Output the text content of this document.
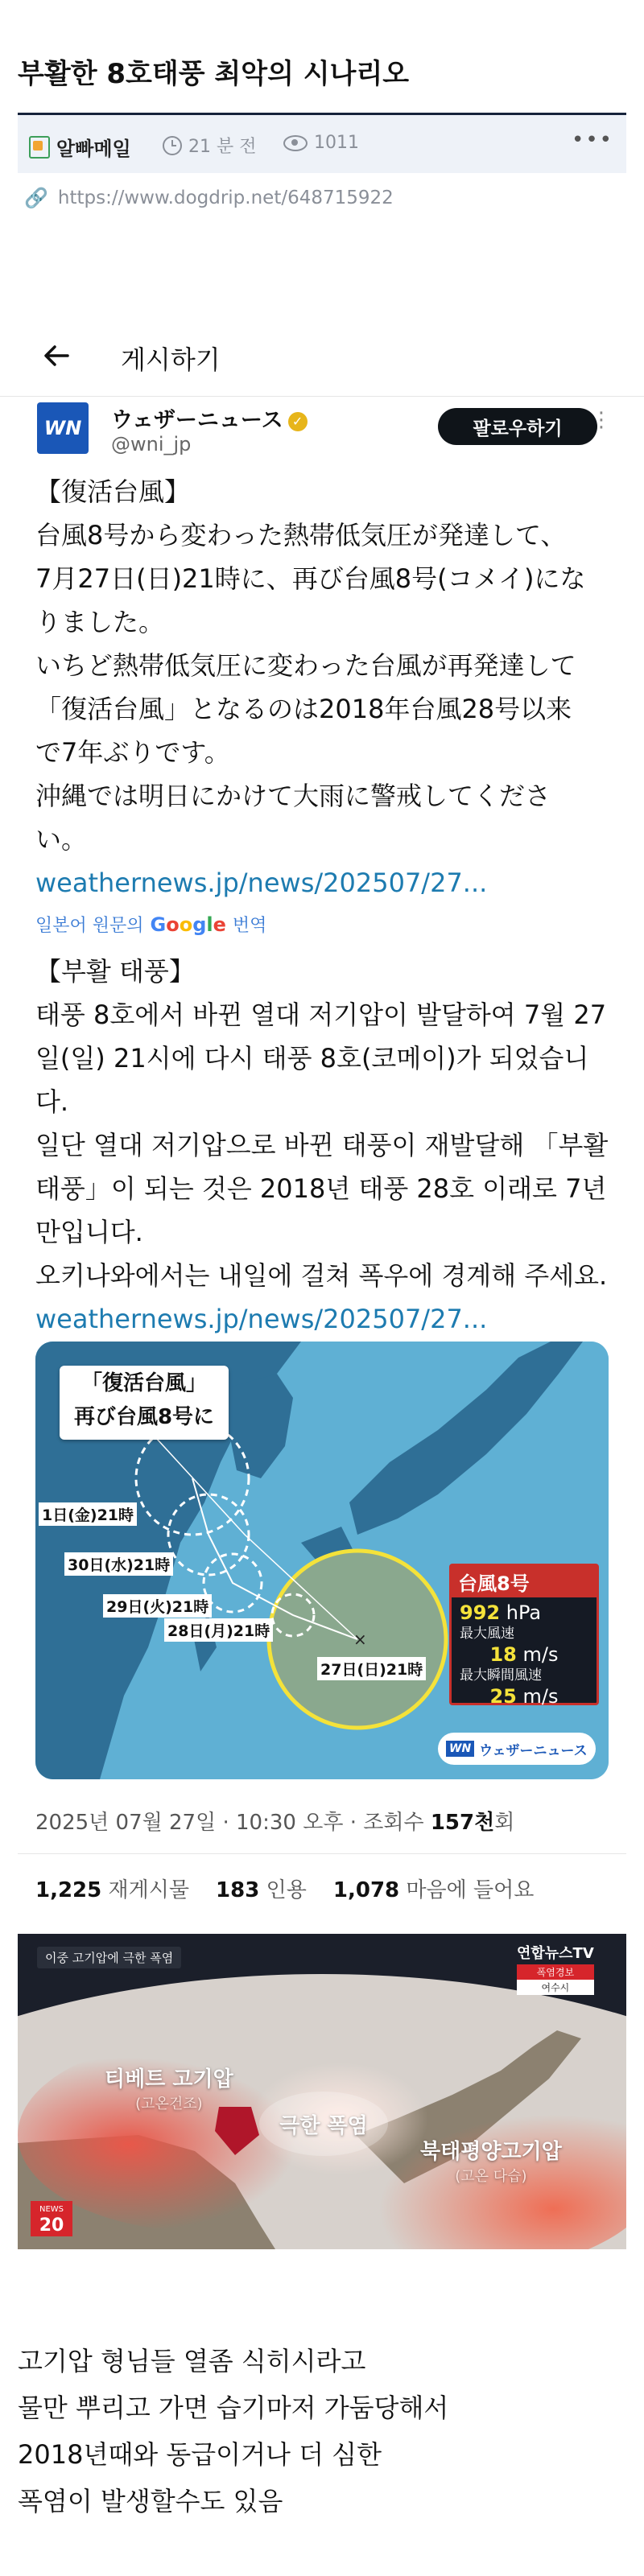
부활한 8호태풍 최악의 시나리오
알빠메일	21 분 전	1011	•••
🔗 https://www.dogdrip.net/648715922
게시하기
WN	ウェザーニュース ✓
@wni_jp
팔로우하기	⋮
【復活台風】
台風8号から変わった熱帯低気圧が発達して、
7月27日(日)21時に、再び台風8号(コメイ)にな
りました。
いちど熱帯低気圧に変わった台風が再発達して
「復活台風」となるのは2018年台風28号以来
で7年ぶりです。
沖縄では明日にかけて大雨に警戒してくださ
い。
weathernews.jp/news/202507/27...
일본어 원문의 Google 번역
【부활 태풍】
태풍 8호에서 바뀐 열대 저기압이 발달하여 7월 27
일(일) 21시에 다시 태풍 8호(코메이)가 되었습니
다.
일단 열대 저기압으로 바뀐 태풍이 재발달해 「부활
태풍」이 되는 것은 2018년 태풍 28호 이래로 7년
만입니다.
오키나와에서는 내일에 걸쳐 폭우에 경계해 주세요.
weathernews.jp/news/202507/27...
×
「復活台風」
再び台風8号に
1日(金)21時
30日(水)21時
29日(火)21時
28日(月)21時
27日(日)21時
台風8号
992 hPa
最大風速
18 m/s
最大瞬間風速
25 m/s
WN ウェザーニュース
2025년 07월 27일 · 10:30 오후 · 조회수 157천회
1,225 재게시물 183 인용 1,078 마음에 들어요
이중 고기압에 극한 폭염	연합뉴스TV
폭염경보
여수시
티베트 고기압
(고온건조)
극한 폭염
북태평양고기압
(고온 다습)
NEWS
20
고기압 형님들 열좀 식히시라고
물만 뿌리고 가면 습기마저 가둠당해서
2018년때와 동급이거나 더 심한
폭염이 발생할수도 있음
